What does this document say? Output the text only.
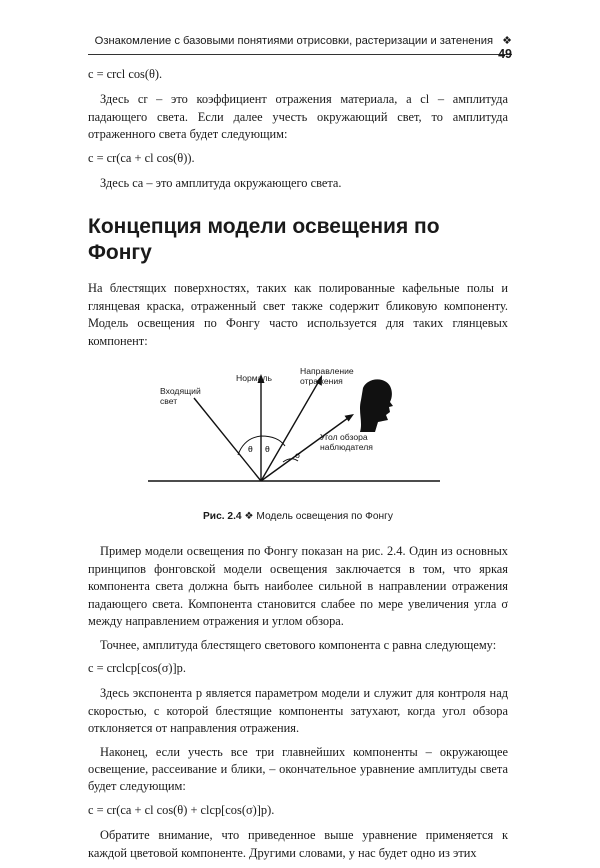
Ознакомление с базовыми понятиями отрисовки, растеризации и затенения ❖ 49
c = crcl cos(θ).

Здесь cr – это коэффициент отражения материала, а cl – амплитуда падающего света. Если далее учесть окружающий свет, то амплитуда отраженного света будет следующим:

c = cr(ca + cl cos(θ)).

Здесь ca – это амплитуда окружающего света.

Концепция модели освещения по Фонгу

На блестящих поверхностях, таких как полированные кафельные полы и глянцевая краска, отраженный свет также содержит бликовую компоненту. Модель освещения по Фонгу часто используется для таких глянцевых компонент:

θ θ
σ
Входящий свет
Нормаль
Направление отражения
Угол обзора наблюдателя
Рис. 2.4 ❖ Модель освещения по Фонгу

Пример модели освещения по Фонгу показан на рис. 2.4. Один из основных принципов фонговской модели освещения заключается в том, что яркая компонента света должна быть наиболее сильной в направлении отражения падающего света. Компонента становится слабее по мере увеличения угла σ между направлением отражения и углом обзора.

Точнее, амплитуда блестящего светового компонента c равна следующему:

c = crclcp[cos(σ)]p.

Здесь экспонента p является параметром модели и служит для контроля над скоростью, с которой блестящие компоненты затухают, когда угол обзора отклоняется от направления отражения.

Наконец, если учесть все три главнейших компоненты – окружающее освещение, рассеивание и блики, – окончательное уравнение амплитуды света будет следующим:

c = cr(ca + cl cos(θ) + clcp[cos(σ)]p).

Обратите внимание, что приведенное выше уравнение применяется к каждой цветовой компоненте. Другими словами, у нас будет одно из этих
